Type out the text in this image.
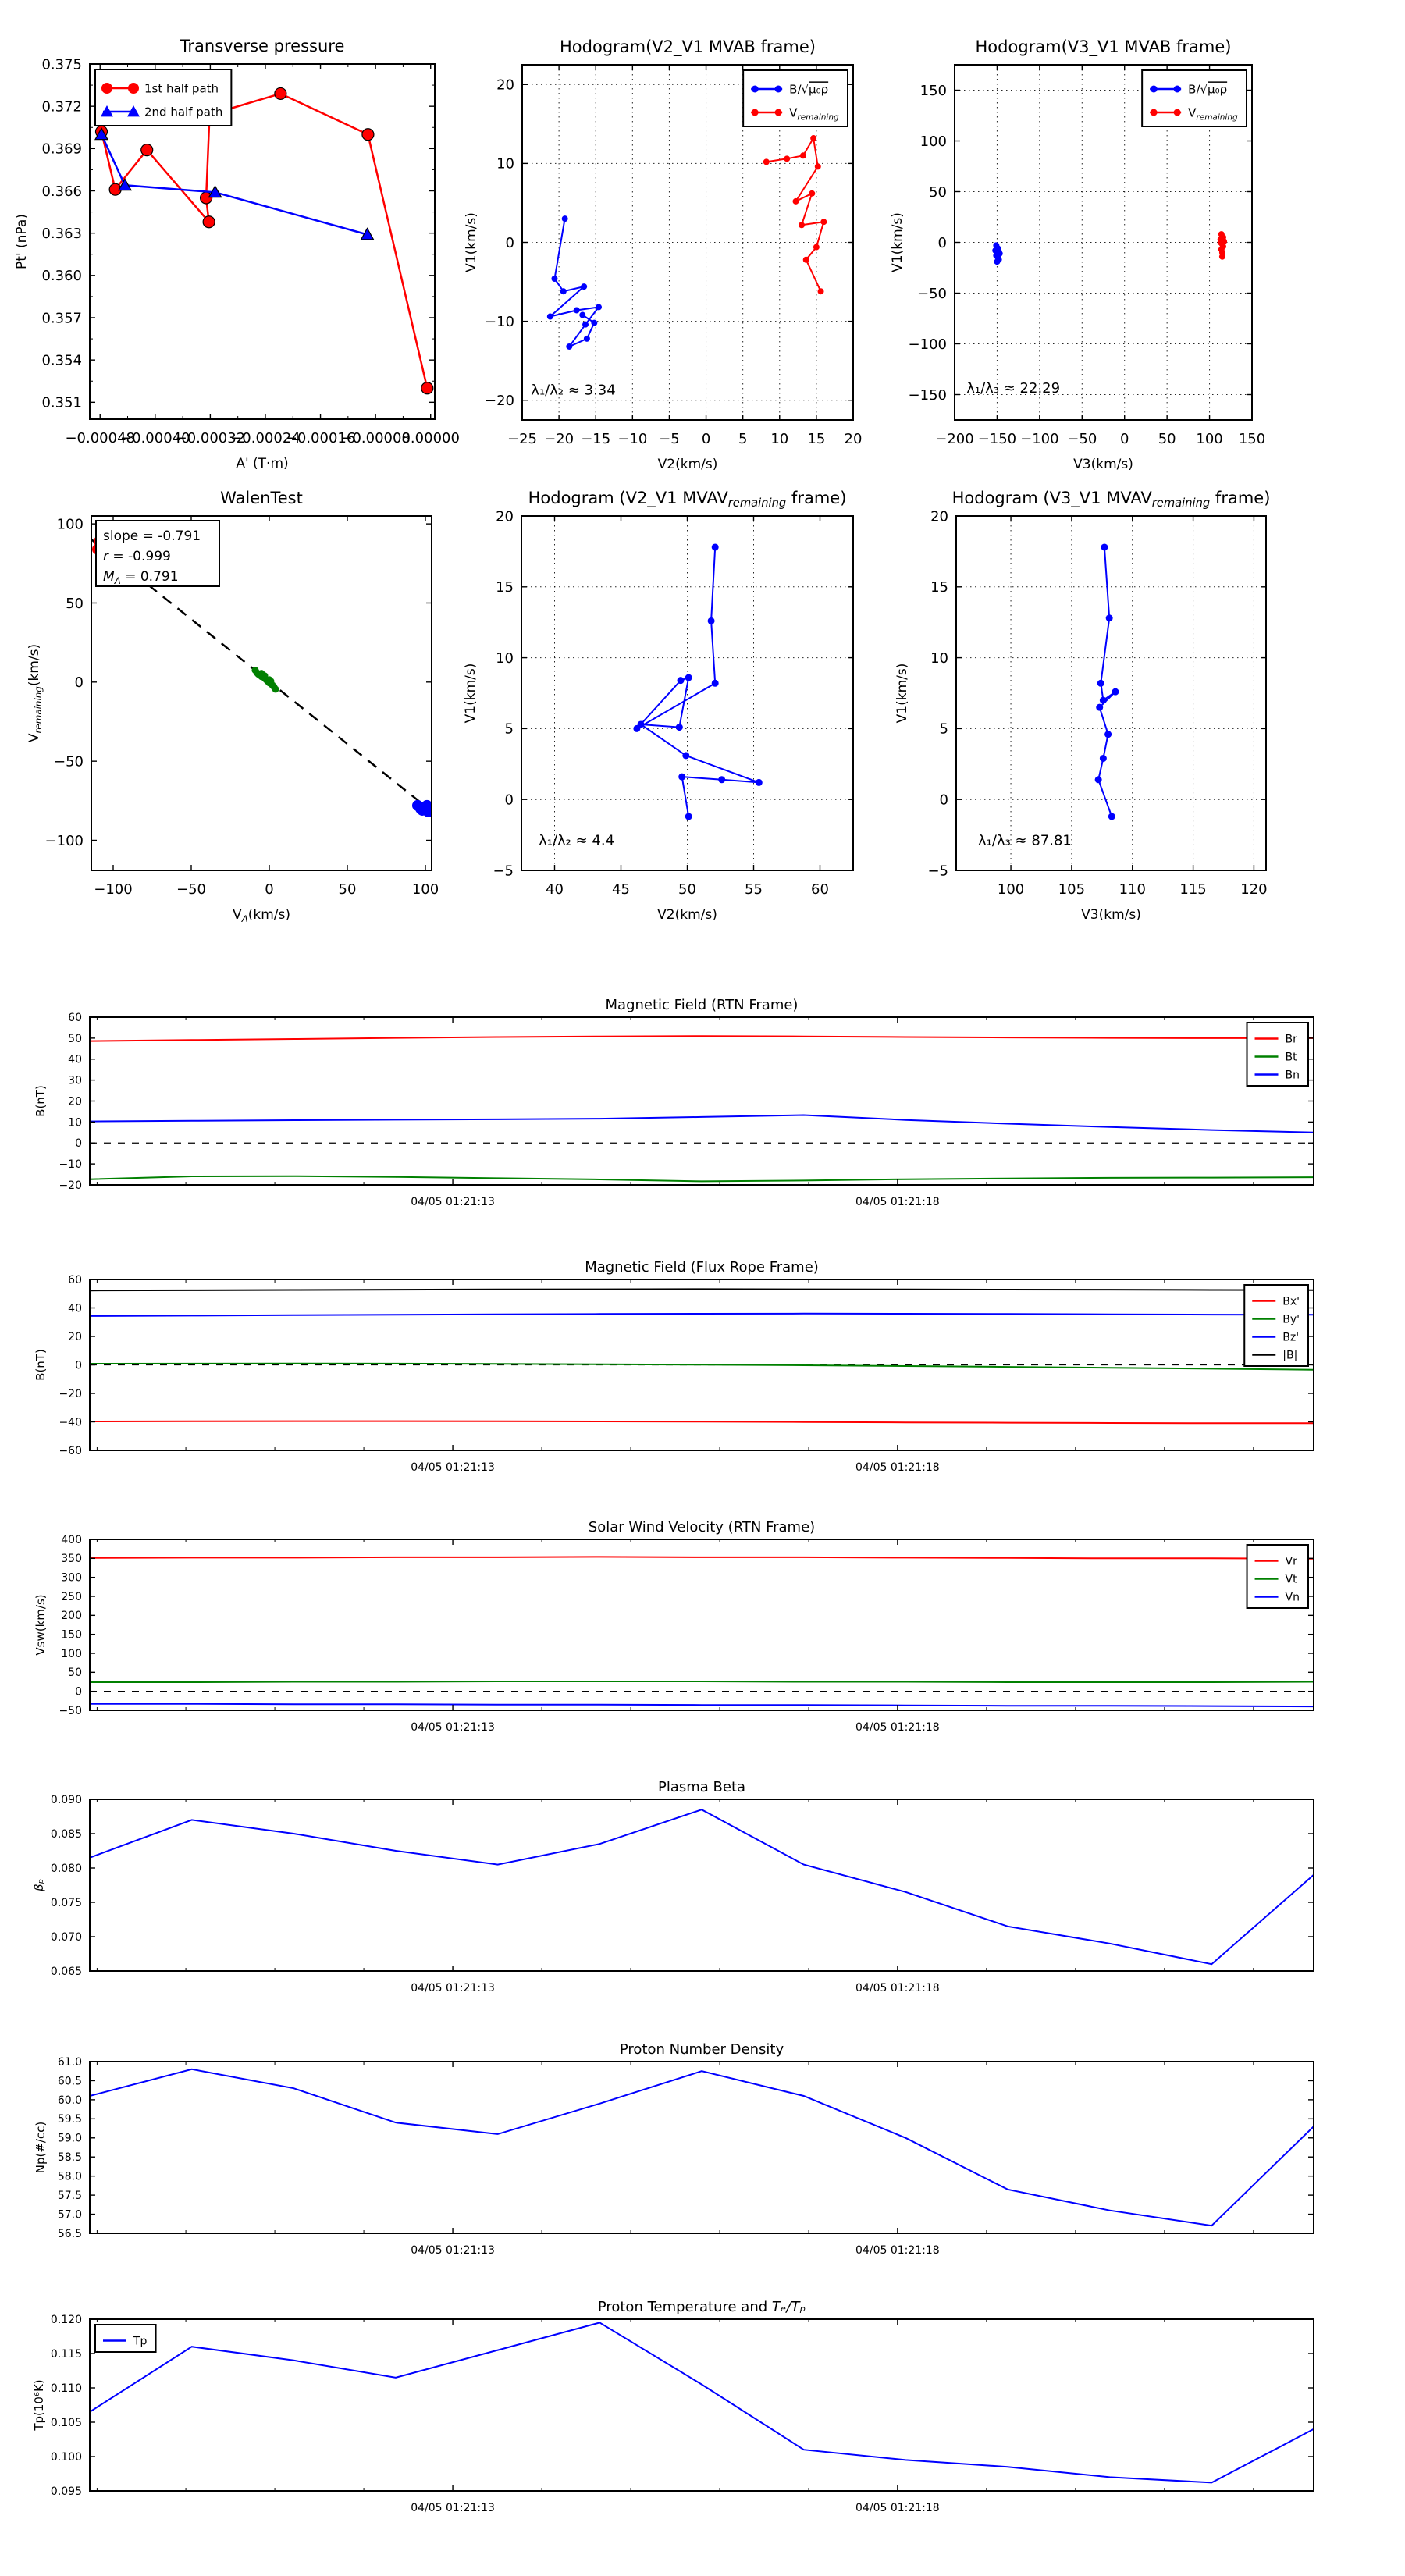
−0.00048
−0.00040
−0.00032
−0.00024
−0.00016
−0.00008
0.00000
0.375
0.372
0.369
0.366
0.363
0.360
0.357
0.354
0.351
Transverse pressure
A' (T·m)
Pt' (nPa)
1st half path
2nd half path
λ₁/λ₂ ≈ 3.34
−25 −20 −15 −10 −5 0 5 10 15 20
−20
−10
0
10
20
Hodogram(V2_V1 MVAB frame)
V2(km/s)
V1(km/s)
B/√μ₀ρ
$V_{remaining}$
λ₁/λ₃ ≈ 22.29
−200 −150 −100 −50 0 50 100 150
−150
−100
−50
0
50
100
150
Hodogram(V3_V1 MVAB frame)
V3(km/s)
V1(km/s)
B/√μ₀ρ
$V_{remaining}$
slope = -0.791
r = -0.999
$M_A = 0.791$
−100	−50	0	50	100
−100
−50
0
50
100
WalenTest
$V_A(km/s)$
$V_{remaining}(km/s)$
λ₁/λ₂ ≈ 4.4
40	45	50	55	60
−5
0
5
10
15
20
Hodogram (V2_V1 MVAVremaining frame)
V2(km/s)
V1(km/s)
λ₁/λ₃ ≈ 87.81
100 105 110 115 120
−5
0
5
10
15
20
Hodogram (V3_V1 MVAVremaining frame)
V3(km/s)
V1(km/s)
04/05 01:21:13	04/05 01:21:18
60
50
40
30
20
10
0
−10
−20
Magnetic Field (RTN Frame)
B(nT)
Br
Bt
Bn
04/05 01:21:13	04/05 01:21:18
60
40
20
0
−20
−40
−60
Magnetic Field (Flux Rope Frame)
B(nT)
Bx'
By'
Bz'
|B|
04/05 01:21:13	04/05 01:21:18
400
350
300
250
200
150
100
50
0
−50
Solar Wind Velocity (RTN Frame)
Vsw(km/s)
Vr
Vt
Vn
04/05 01:21:13	04/05 01:21:18
0.090
0.085
0.080
0.075
0.070
0.065
Plasma Beta
βₚ
04/05 01:21:13	04/05 01:21:18
61.0
60.5
60.0
59.5
59.0
58.5
58.0
57.5
57.0
56.5
Proton Number Density
Np(#/cc)
04/05 01:21:13	04/05 01:21:18
0.120
0.115
0.110
0.105
0.100
0.095
Proton Temperature and Tₑ/Tₚ
Tp(10⁶K)
Tp
